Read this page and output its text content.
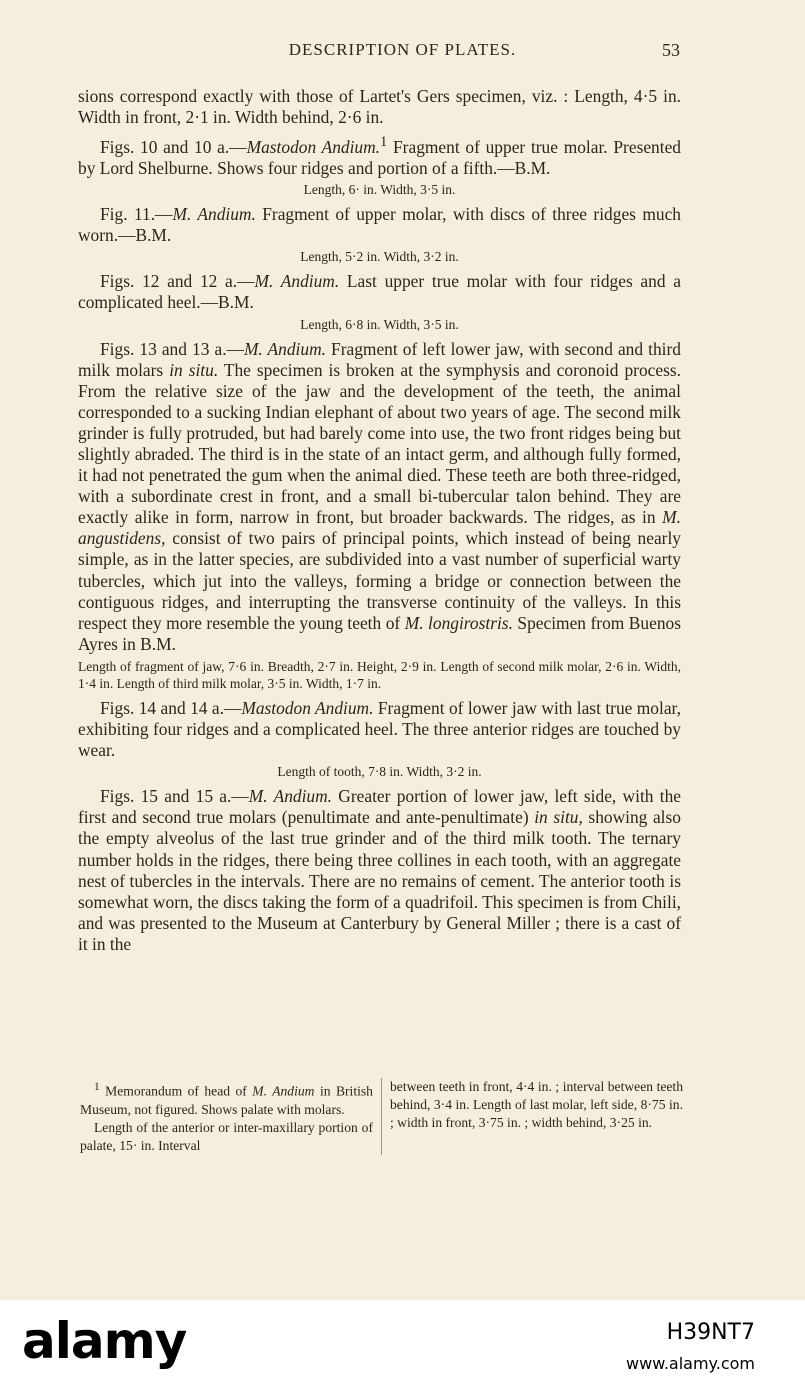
DESCRIPTION OF PLATES.	53

sions correspond exactly with those of Lartet's Gers specimen, viz. : Length, 4·5 in. Width in front, 2·1 in. Width behind, 2·6 in.

Figs. 10 and 10 a.—Mastodon Andium.$^1$ Fragment of upper true molar. Presented by Lord Shelburne. Shows four ridges and portion of a fifth.—B.M.

Length, 6· in. Width, 3·5 in.

Fig. 11.—M. Andium. Fragment of upper molar, with discs of three ridges much worn.—B.M.

Length, 5·2 in. Width, 3·2 in.

Figs. 12 and 12 a.—M. Andium. Last upper true molar with four ridges and a complicated heel.—B.M.

Length, 6·8 in. Width, 3·5 in.

Figs. 13 and 13 a.—M. Andium. Fragment of left lower jaw, with second and third milk molars in situ. The specimen is broken at the symphysis and coronoid process. From the relative size of the jaw and the development of the teeth, the animal corresponded to a sucking Indian elephant of about two years of age. The second milk grinder is fully protruded, but had barely come into use, the two front ridges being but slightly abraded. The third is in the state of an intact germ, and although fully formed, it had not penetrated the gum when the animal died. These teeth are both three-ridged, with a subordinate crest in front, and a small bi-tubercular talon behind. They are exactly alike in form, narrow in front, but broader backwards. The ridges, as in M. angustidens, consist of two pairs of principal points, which instead of being nearly simple, as in the latter species, are subdivided into a vast number of superficial warty tubercles, which jut into the valleys, forming a bridge or connection between the contiguous ridges, and interrupting the transverse continuity of the valleys. In this respect they more resemble the young teeth of M. longirostris. Specimen from Buenos Ayres in B.M.

Length of fragment of jaw, 7·6 in. Breadth, 2·7 in. Height, 2·9 in. Length of second milk molar, 2·6 in. Width, 1·4 in. Length of third milk molar, 3·5 in. Width, 1·7 in.

Figs. 14 and 14 a.—Mastodon Andium. Fragment of lower jaw with last true molar, exhibiting four ridges and a complicated heel. The three anterior ridges are touched by wear.

Length of tooth, 7·8 in. Width, 3·2 in.

Figs. 15 and 15 a.—M. Andium. Greater portion of lower jaw, left side, with the first and second true molars (penultimate and ante-penultimate) in situ, showing also the empty alveolus of the last true grinder and of the third milk tooth. The ternary number holds in the ridges, there being three collines in each tooth, with an aggregate nest of tubercles in the intervals. There are no remains of cement. The anterior tooth is somewhat worn, the discs taking the form of a quadrifoil. This specimen is from Chili, and was presented to the Museum at Canterbury by General Miller ; there is a cast of it in the

$^1$ Memorandum of head of M. Andium in British Museum, not figured. Shows palate with molars.

Length of the anterior or inter-maxillary portion of palate, 15· in. Interval

between teeth in front, 4·4 in. ; interval between teeth behind, 3·4 in. Length of last molar, left side, 8·75 in. ; width in front, 3·75 in. ; width behind, 3·25 in.

alamy	H39NT7
www.alamy.com
